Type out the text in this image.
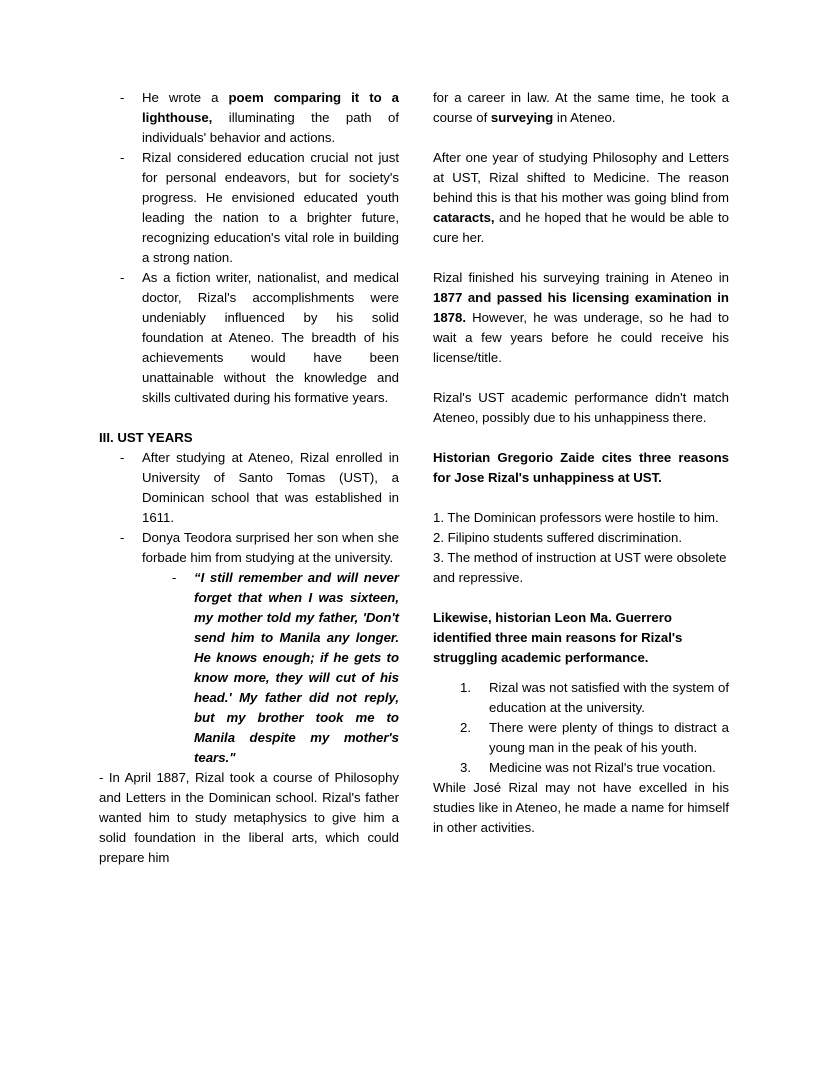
- He wrote a poem comparing it to a lighthouse, illuminating the path of individuals' behavior and actions.
- Rizal considered education crucial not just for personal endeavors, but for society's progress. He envisioned educated youth leading the nation to a brighter future, recognizing education's vital role in building a strong nation.
- As a fiction writer, nationalist, and medical doctor, Rizal's accomplishments were undeniably influenced by his solid foundation at Ateneo. The breadth of his achievements would have been unattainable without the knowledge and skills cultivated during his formative years.

III. UST YEARS

- After studying at Ateneo, Rizal enrolled in University of Santo Tomas (UST), a Dominican school that was established in 1611.
- Donya Teodora surprised her son when she forbade him from studying at the university.
- “I still remember and will never forget that when I was sixteen, my mother told my father, 'Don't send him to Manila any longer. He knows enough; if he gets to know more, they will cut of his head.' My father did not reply, but my brother took me to Manila despite my mother's tears."

- In April 1887, Rizal took a course of Philosophy and Letters in the Dominican school. Rizal's father wanted him to study metaphysics to give him a solid foundation in the liberal arts, which could prepare him

for a career in law. At the same time, he took a course of surveying in Ateneo.

After one year of studying Philosophy and Letters at UST, Rizal shifted to Medicine. The reason behind this is that his mother was going blind from cataracts, and he hoped that he would be able to cure her.

Rizal finished his surveying training in Ateneo in 1877 and passed his licensing examination in 1878. However, he was underage, so he had to wait a few years before he could receive his license/title.

Rizal's UST academic performance didn't match Ateneo, possibly due to his unhappiness there.

Historian Gregorio Zaide cites three reasons for Jose Rizal's unhappiness at UST.

1. The Dominican professors were hostile to him.

2. Filipino students suffered discrimination.

3. The method of instruction at UST were obsolete and repressive.

Likewise, historian Leon Ma. Guerrero identified three main reasons for Rizal's struggling academic performance.

1.	Rizal was not satisfied with the system of education at the university.
2.	There were plenty of things to distract a young man in the peak of his youth.
3.	Medicine was not Rizal's true vocation.

While José Rizal may not have excelled in his studies like in Ateneo, he made a name for himself in other activities.
